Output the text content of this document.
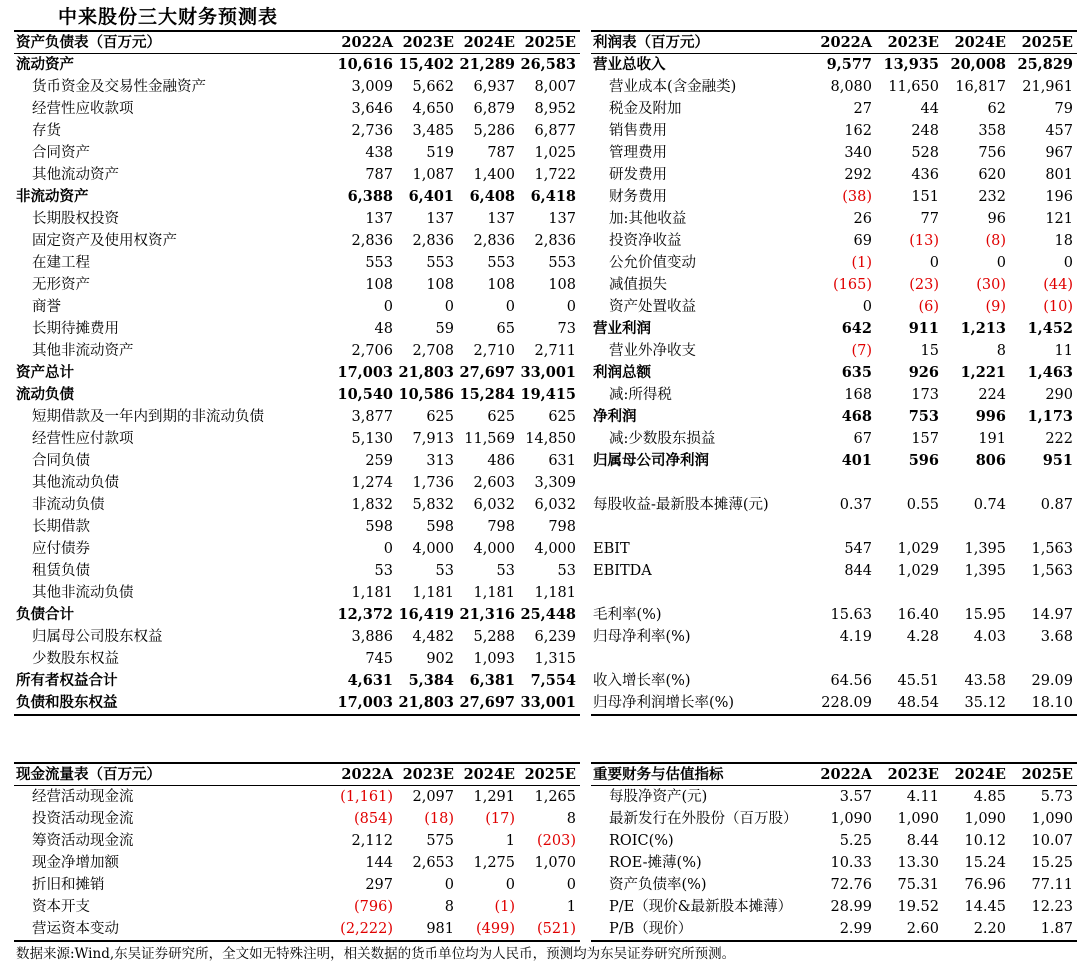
中来股份三大财务预测表
资产负债表（百万元）	2022A	2023E	2024E	2025E
流动资产	10,616	15,402	21,289	26,583
货币资金及交易性金融资产	3,009	5,662	6,937	8,007
经营性应收款项	3,646	4,650	6,879	8,952
存货	2,736	3,485	5,286	6,877
合同资产	438	519	787	1,025
其他流动资产	787	1,087	1,400	1,722
非流动资产	6,388	6,401	6,408	6,418
长期股权投资	137	137	137	137
固定资产及使用权资产	2,836	2,836	2,836	2,836
在建工程	553	553	553	553
无形资产	108	108	108	108
商誉	0	0	0	0
长期待摊费用	48	59	65	73
其他非流动资产	2,706	2,708	2,710	2,711
资产总计	17,003	21,803	27,697	33,001
流动负债	10,540	10,586	15,284	19,415
短期借款及一年内到期的非流动负债	3,877	625	625	625
经营性应付款项	5,130	7,913	11,569	14,850
合同负债	259	313	486	631
其他流动负债	1,274	1,736	2,603	3,309
非流动负债	1,832	5,832	6,032	6,032
长期借款	598	598	798	798
应付债券	0	4,000	4,000	4,000
租赁负债	53	53	53	53
其他非流动负债	1,181	1,181	1,181	1,181
负债合计	12,372	16,419	21,316	25,448
归属母公司股东权益	3,886	4,482	5,288	6,239
少数股东权益	745	902	1,093	1,315
所有者权益合计	4,631	5,384	6,381	7,554
负债和股东权益	17,003	21,803	27,697	33,001
利润表（百万元）	2022A	2023E	2024E	2025E
营业总收入	9,577	13,935	20,008	25,829
营业成本(含金融类)	8,080	11,650	16,817	21,961
税金及附加	27	44	62	79
销售费用	162	248	358	457
管理费用	340	528	756	967
研发费用	292	436	620	801
财务费用	(38)	151	232	196
加:其他收益	26	77	96	121
投资净收益	69	(13)	(8)	18
公允价值变动	(1)	0	0	0
减值损失	(165)	(23)	(30)	(44)
资产处置收益	0	(6)	(9)	(10)
营业利润	642	911	1,213	1,452
营业外净收支	(7)	15	8	11
利润总额	635	926	1,221	1,463
减:所得税	168	173	224	290
净利润	468	753	996	1,173
减:少数股东损益	67	157	191	222
归属母公司净利润	401	596	806	951

每股收益-最新股本摊薄(元)	0.37	0.55	0.74	0.87

EBIT	547	1,029	1,395	1,563
EBITDA	844	1,029	1,395	1,563

毛利率(%)	15.63	16.40	15.95	14.97
归母净利率(%)	4.19	4.28	4.03	3.68

收入增长率(%)	64.56	45.51	43.58	29.09
归母净利润增长率(%)	228.09	48.54	35.12	18.10
现金流量表（百万元）	2022A	2023E	2024E	2025E
经营活动现金流	(1,161)	2,097	1,291	1,265
投资活动现金流	(854)	(18)	(17)	8
筹资活动现金流	2,112	575	1	(203)
现金净增加额	144	2,653	1,275	1,070
折旧和摊销	297	0	0	0
资本开支	(796)	8	(1)	1
营运资本变动	(2,222)	981	(499)	(521)
重要财务与估值指标	2022A	2023E	2024E	2025E
每股净资产(元)	3.57	4.11	4.85	5.73
最新发行在外股份（百万股）	1,090	1,090	1,090	1,090
ROIC(%)	5.25	8.44	10.12	10.07
ROE-摊薄(%)	10.33	13.30	15.24	15.25
资产负债率(%)	72.76	75.31	76.96	77.11
P/E（现价&最新股本摊薄）	28.99	19.52	14.45	12.23
P/B（现价）	2.99	2.60	2.20	1.87
数据来源:Wind,东吴证券研究所，全文如无特殊注明，相关数据的货币单位均为人民币，预测均为东吴证券研究所预测。
